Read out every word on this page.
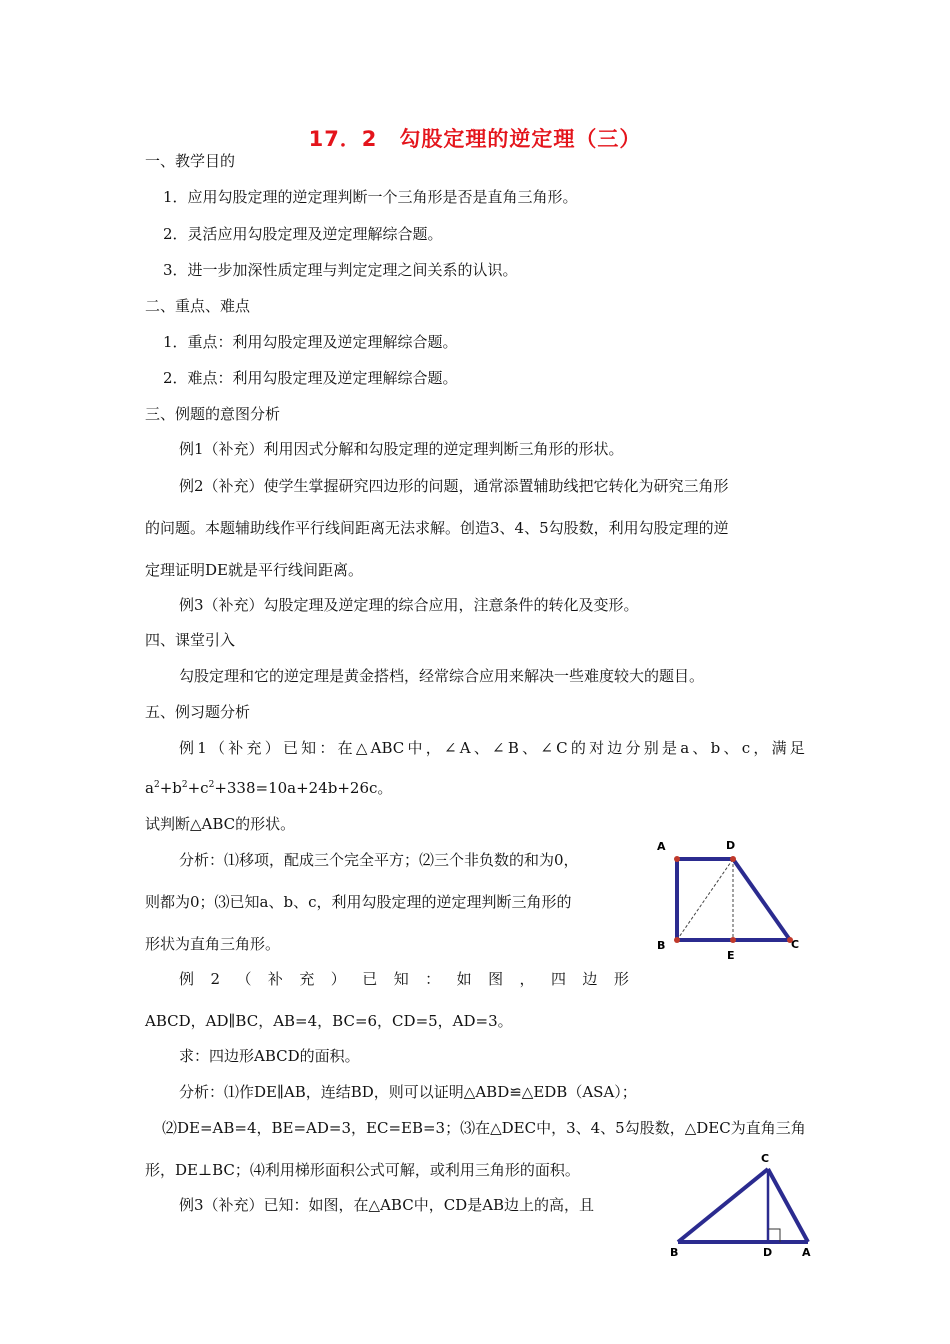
17．2　勾股定理的逆定理（三）
一、教学目的
1．应用勾股定理的逆定理判断一个三角形是否是直角三角形。
2．灵活应用勾股定理及逆定理解综合题。
3．进一步加深性质定理与判定定理之间关系的认识。
二、重点、难点
1．重点：利用勾股定理及逆定理解综合题。
2．难点：利用勾股定理及逆定理解综合题。
三、例题的意图分析
例1（补充）利用因式分解和勾股定理的逆定理判断三角形的形状。
例2（补充）使学生掌握研究四边形的问题，通常添置辅助线把它转化为研究三角形
的问题。本题辅助线作平行线间距离无法求解。创造3、4、5勾股数，利用勾股定理的逆
定理证明DE就是平行线间距离。
例3（补充）勾股定理及逆定理的综合应用，注意条件的转化及变形。
四、课堂引入
勾股定理和它的逆定理是黄金搭档，经常综合应用来解决一些难度较大的题目。
五、例习题分析
例 1 （ 补 充 ） 已 知 ： 在 △ ABC 中 ， ∠ A 、 ∠ B 、 ∠ C 的 对 边 分 别 是 a 、 b 、 c ， 满 足
$a^2+b^2+c^2+338=10a+24b+26c$。
试判断△ABC的形状。
分析：⑴移项，配成三个完全平方；⑵三个非负数的和为0，
则都为0；⑶已知a、b、c，利用勾股定理的逆定理判断三角形的
形状为直角三角形。
例 2 （ 补 充 ） 已 知 ： 如 图 ， 四 边 形
ABCD，AD∥BC，AB=4，BC=6，CD=5，AD=3。
求：四边形ABCD的面积。
分析：⑴作DE∥AB，连结BD，则可以证明△ABD≌△EDB（ASA）；
⑵DE=AB=4，BE=AD=3，EC=EB=3；⑶在△DEC中，3、4、5勾股数，△DEC为直角三角
形，DE⊥BC；⑷利用梯形面积公式可解，或利用三角形的面积。
例3（补充）已知：如图，在△ABC中，CD是AB边上的高，且
A	D
B
E
C
C
B	D	A
